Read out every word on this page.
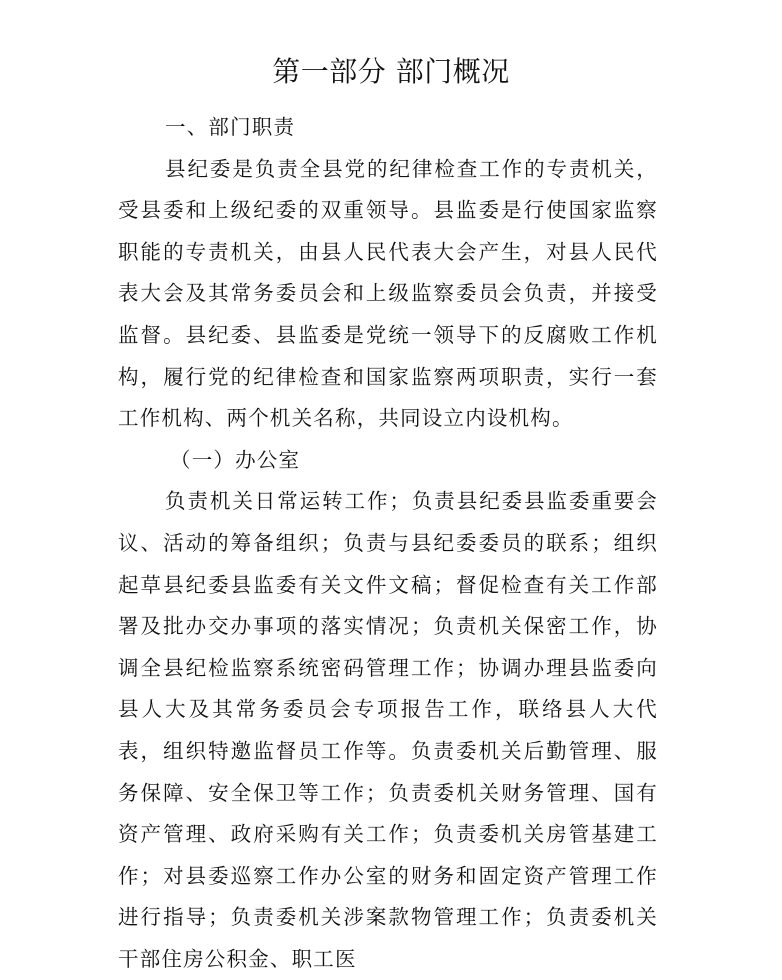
第一部分 部门概况

一、部门职责

县纪委是负责全县党的纪律检查工作的专责机关，受县委和上级纪委的双重领导。县监委是行使国家监察职能的专责机关，由县人民代表大会产生，对县人民代表大会及其常务委员会和上级监察委员会负责，并接受监督。县纪委、县监委是党统一领导下的反腐败工作机构，履行党的纪律检查和国家监察两项职责，实行一套工作机构、两个机关名称，共同设立内设机构。

（一）办公室

负责机关日常运转工作；负责县纪委县监委重要会议、活动的筹备组织；负责与县纪委委员的联系；组织起草县纪委县监委有关文件文稿；督促检查有关工作部署及批办交办事项的落实情况；负责机关保密工作，协调全县纪检监察系统密码管理工作；协调办理县监委向县人大及其常务委员会专项报告工作，联络县人大代表，组织特邀监督员工作等。负责委机关后勤管理、服务保障、安全保卫等工作；负责委机关财务管理、国有资产管理、政府采购有关工作；负责委机关房管基建工作；对县委巡察工作办公室的财务和固定资产管理工作进行指导；负责委机关涉案款物管理工作；负责委机关干部住房公积金、职工医
